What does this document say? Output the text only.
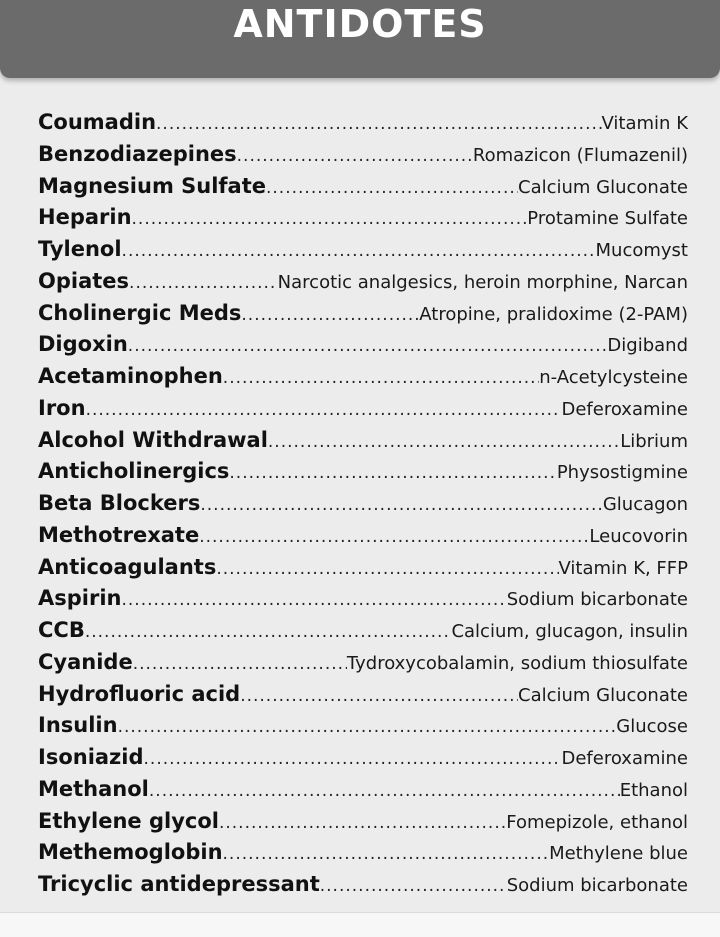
ANTIDOTES
Coumadin .....	Vitamin K
Benzodiazepines .....	Romazicon (Flumazenil)
Magnesium Sulfate .....	Calcium Gluconate
Heparin .....	Protamine Sulfate
Tylenol .....	Mucomyst
Opiates .....	Narcotic analgesics, heroin morphine, Narcan
Cholinergic Meds .....	Atropine, pralidoxime (2-PAM)
Digoxin .....	Digiband
Acetaminophen .....	n-Acetylcysteine
Iron .....	Deferoxamine
Alcohol Withdrawal .....	Librium
Anticholinergics .....	Physostigmine
Beta Blockers .....	Glucagon
Methotrexate .....	Leucovorin
Anticoagulants .....	Vitamin K, FFP
Aspirin .....	Sodium bicarbonate
CCB .....	Calcium, glucagon, insulin
Cyanide .....	Tydroxycobalamin, sodium thiosulfate
Hydrofluoric acid .....	Calcium Gluconate
Insulin .....	Glucose
Isoniazid .....	Deferoxamine
Methanol .....	Ethanol
Ethylene glycol .....	Fomepizole, ethanol
Methemoglobin .....	Methylene blue
Tricyclic antidepressant .....	Sodium bicarbonate
